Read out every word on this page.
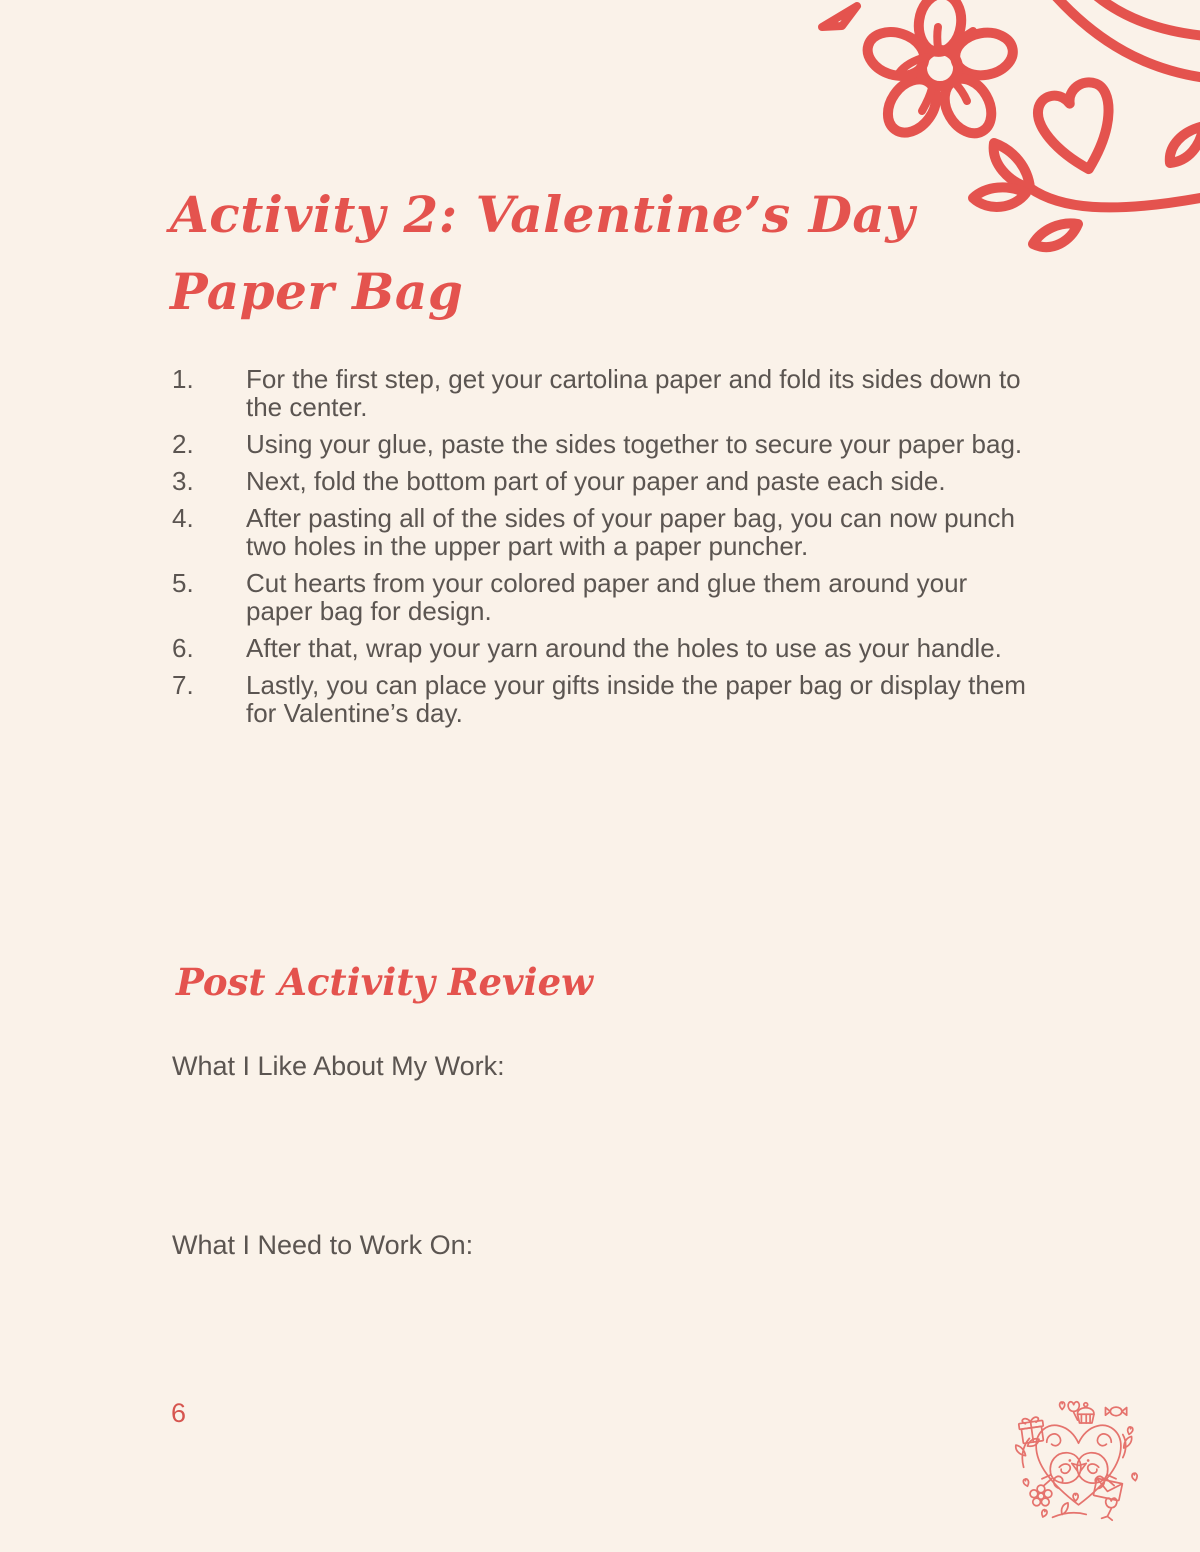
Activity 2: Valentine’s Day
Paper Bag
1.	For the first step, get your cartolina paper and fold its sides down to the center.
2.	Using your glue, paste the sides together to secure your paper bag.
3.	Next, fold the bottom part of your paper and paste each side.
4.	After pasting all of the sides of your paper bag, you can now punch two holes in the upper part with a paper puncher.
5.	Cut hearts from your colored paper and glue them around your paper bag for design.
6.	After that, wrap your yarn around the holes to use as your handle.
7.	Lastly, you can place your gifts inside the paper bag or display them for Valentine’s day.
Post Activity Review
What I Like About My Work:
What I Need to Work On:
6
